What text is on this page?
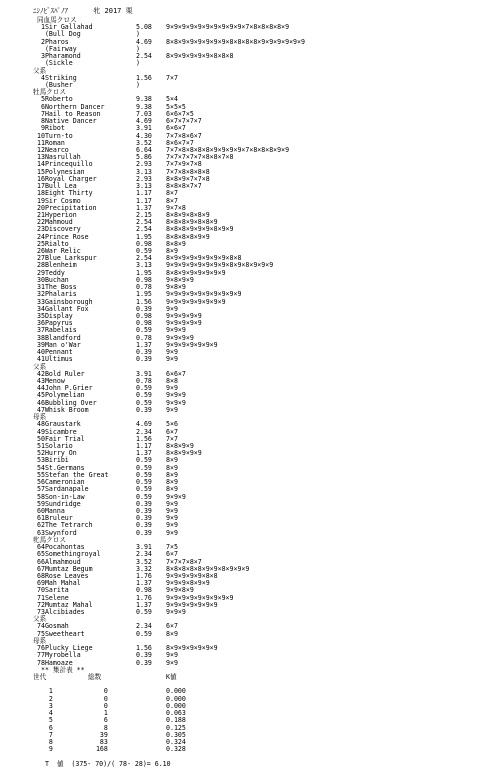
ﾆｼﾉﾋﾞｽﾊﾟﾉｱ	牝 2017 栗
同血馬クロス
1Sir Gallahad	5.08 9×9×9×9×9×9×9×9×9×9×7×8×8×8×8×9
(Bull Dog	)
2Pharos	4.69 8×8×9×9×9×9×9×9×8×8×8×8×9×9×9×9×9×9
(Fairway	)
3Pharamond	2.54 8×9×9×9×9×9×8×8×8
(Sickle	)
父系
4Striking	1.56 7×7
(Busher	)
牡馬クロス
5Roberto	9.38 5×4
6Northern Dancer	9.38 5×5×5
7Hail to Reason	7.03 6×6×7×5
8Native Dancer	4.69 6×7×7×7×7
9Ribot	3.91 6×6×7
10Turn-to	4.30 7×7×8×6×7
11Roman	3.52 8×6×7×7
12Nearco	6.64 7×7×8×8×8×8×9×9×9×9×7×8×8×8×9×9
13Nasrullah	5.86 7×7×7×7×7×8×8×7×8
14Princequillo	2.93 7×7×9×7×8
15Polynesian	3.13 7×7×8×8×8×8
16Royal Charger	2.93 8×8×9×7×7×8
17Bull Lea	3.13 8×8×8×7×7
18Eight Thirty	1.17 8×7
19Sir Cosmo	1.17 8×7
20Precipitation	1.37 9×7×8
21Hyperion	2.15 8×8×9×8×8×9
22Mahmoud	2.54 8×8×8×9×8×8×9
23Discovery	2.54 8×8×8×9×9×9×8×9×9
24Prince Rose	1.95 8×8×8×8×9×9
25Rialto	0.98 8×8×9
26War Relic	0.59 8×9
27Blue Larkspur	2.54 8×9×9×9×9×9×9×9×8×8
28Blenheim	3.13 9×9×9×9×9×9×9×9×8×9×8×9×9×9
29Teddy	1.95 8×8×9×9×9×9×9×9
30Buchan	0.98 9×8×9×9
31The Boss	0.78 9×8×9
32Phalaris	1.95 9×9×9×9×9×9×9×9×9×9
33Gainsborough	1.56 9×9×9×9×9×9×9×9
34Gallant Fox	0.39 9×9
35Display	0.98 9×9×9×9×9
36Papyrus	0.98 9×9×9×9×9
37Rabelais	0.59 9×9×9
38Blandford	0.78 9×9×9×9
39Man o'War	1.37 9×9×9×9×9×9×9
40Pennant	0.39 9×9
41Ultimus	0.39 9×9
父系
42Bold Ruler	3.91 6×6×7
43Menow	0.78 8×8
44John P.Grier	0.59 9×9
45Polymelian	0.59 9×9×9
46Bubbling Over	0.59 9×9×9
47Whisk Broom	0.39 9×9
母系
48Graustark	4.69 5×6
49Sicambre	2.34 6×7
50Fair Trial	1.56 7×7
51Solario	1.17 8×8×9×9
52Hurry On	1.37 8×8×9×9×9
53Biribi	0.59 8×9
54St.Germans	0.59 8×9
55Stefan the Great	0.59 8×9
56Cameronian	0.59 8×9
57Sardanapale	0.59 8×9
58Son-in-Law	0.59 9×9×9
59Sundridge	0.39 9×9
60Manna	0.39 9×9
61Bruleur	0.39 9×9
62The Tetrarch	0.39 9×9
63Swynford	0.39 9×9
牝馬クロス
64Pocahontas	3.91 7×5
65Somethingroyal	2.34 6×7
66Almahmoud	3.52 7×7×7×8×7
67Mumtaz Begum	3.32 8×8×8×8×8×9×9×8×9×9×9
68Rose Leaves	1.76 9×9×9×9×9×8×8
69Mah Mahal	1.37 9×9×9×8×9×9
70Sarita	0.98 9×9×8×9
71Selene	1.76 9×9×9×9×9×9×9×9×9
72Mumtaz Mahal	1.37 9×9×9×9×9×9×9
73Alcibiades	0.59 9×9×9
父系
74Gosmah	2.34 6×7
75Sweetheart	0.59 8×9
母系
76Plucky Liege	1.56 8×9×9×9×9×9×9
77Myrobella	0.39 9×9
78Hamoaze	0.39 9×9
** 集計表 **
世代	総数	K値
1	0	0.000
2	0	0.000
3	0	0.000
4	1	0.063
5	6	0.188
6	8	0.125
7	39	0.305
8	83	0.324
9	168	0.328
T  値  (375- 70)/( 78- 28)= 6.10
